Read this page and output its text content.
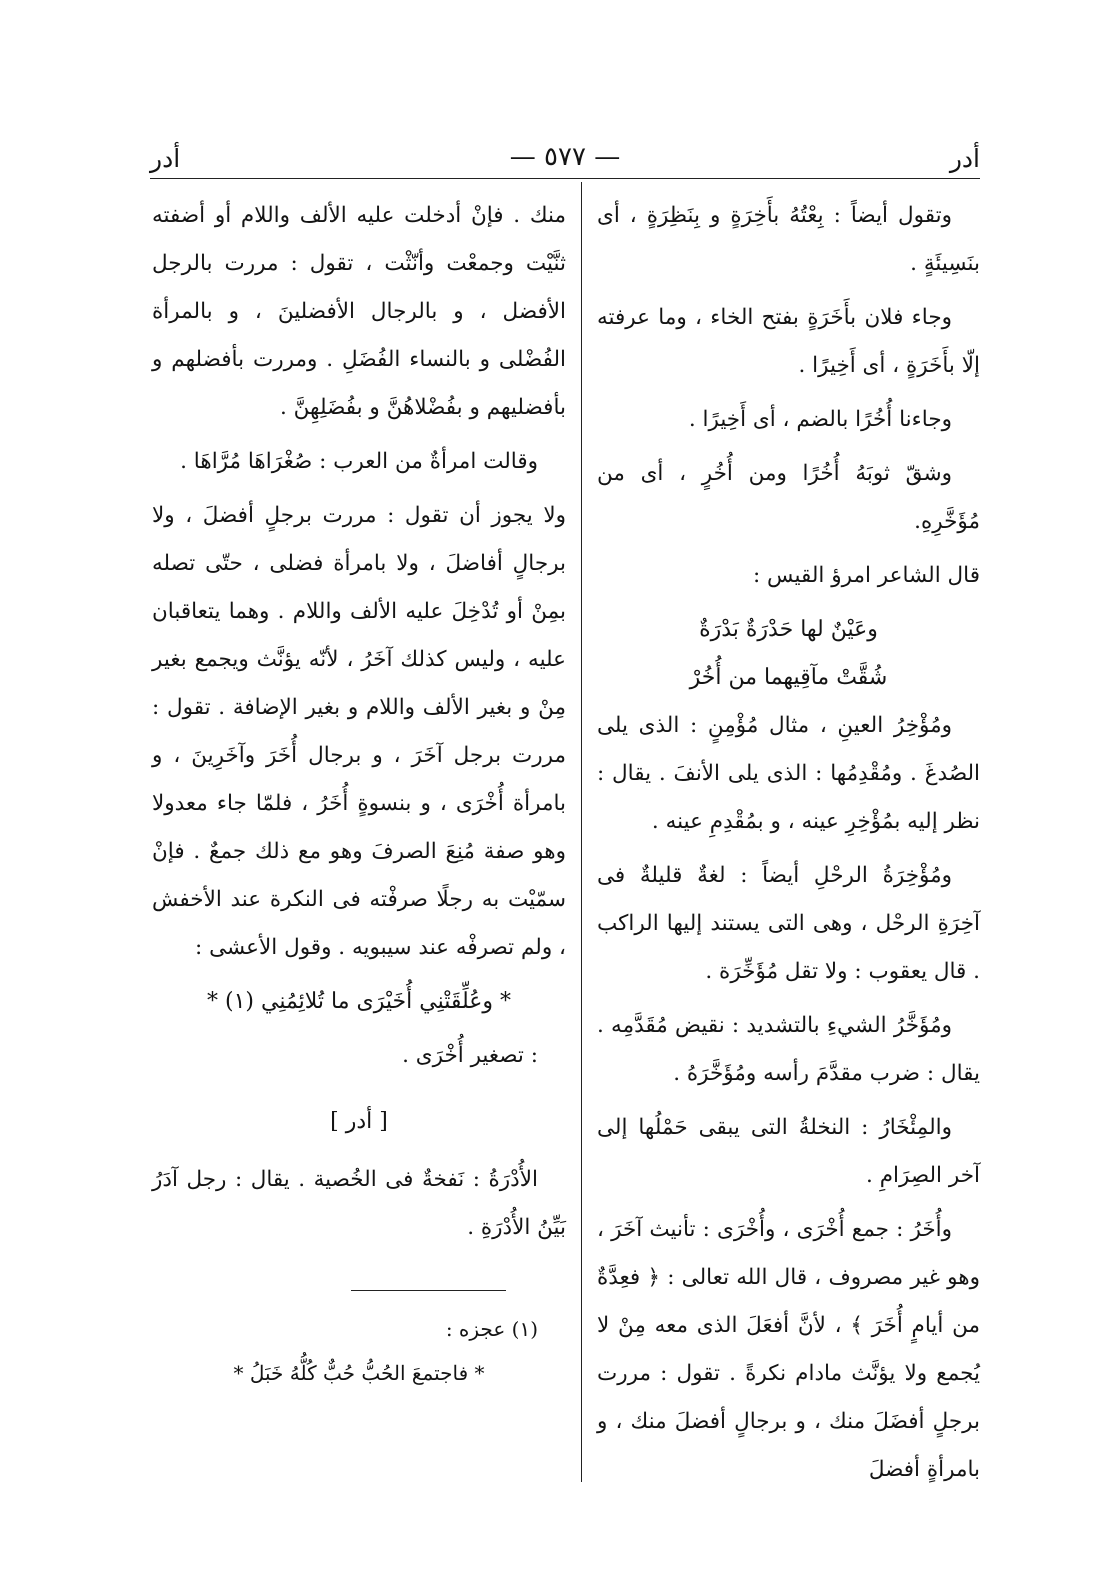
أدر
— ٥٧٧ —
أدر

وتقول أيضاً : بِعْتُهُ بأَخِرَةٍ و بِنَظِرَةٍ ، أى بنَسِيئَةٍ .

وجاء فلان بأَخَرَةٍ بفتح الخاء ، وما عرفته إلّا بأَخَرَةٍ ، أى أَخِيرًا .

وجاءنا أُخُرًا بالضم ، أى أَخِيرًا .

وشقّ ثوبَهُ أُخُرًا ومن أُخُرٍ ، أى من مُؤَخَّرِهِ.

قال الشاعر امرؤ القيس :

وعَيْنٌ لها حَدْرَةٌ بَدْرَةٌ
شُقَّتْ مآقِيهما من أُخُرْ

ومُؤْخِرُ العينِ ، مثال مُؤْمِنٍ : الذى يلى الصُدغَ . ومُقْدِمُها : الذى يلى الأنفَ . يقال : نظر إليه بمُؤْخِرِ عينه ، و بمُقْدِمِ عينه .

ومُؤْخِرَةُ الرحْلِ أيضاً : لغةٌ قليلةٌ فى آخِرَةِ الرحْل ، وهى التى يستند إليها الراكب . قال يعقوب : ولا تقل مُؤَخِّرَة .

ومُؤَخَّرُ الشيءِ بالتشديد : نقيض مُقَدَّمِه . يقال : ضرب مقدَّمَ رأسه ومُؤَخَّرَهُ .

والمِئْخَارُ : النخلةُ التى يبقى حَمْلُها إلى آخر الصِرَامِ .

وأُخَرُ : جمع أُخْرَى ، وأُخْرَى : تأنيث آخَرَ ، وهو غير مصروف ، قال الله تعالى : ﴿ فعِدَّةٌ من أيامٍ أُخَرَ ﴾ ، لأنَّ أفعَلَ الذى معه مِنْ لا يُجمع ولا يؤنَّث مادام نكرةً . تقول : مررت برجلٍ أفضَلَ منك ، و برجالٍ أفضلَ منك ، و بامرأةٍ أفضلَ

منك . فإنْ أدخلت عليه الألف واللام أو أضفته ثنَّيْت وجمعْت وأنّثْت ، تقول : مررت بالرجل الأفضل ، و بالرجال الأفضلينَ ، و بالمرأة الفُضْلى و بالنساء الفُضَلِ . ومررت بأفضلهم و بأفضليهم و بفُضْلاهُنَّ و بفُضَلِهِنَّ .

وقالت امرأةٌ من العرب : صُغْرَاهَا مُرَّاهَا .

ولا يجوز أن تقول : مررت برجلٍ أفضلَ ، ولا برجالٍ أفاضلَ ، ولا بامرأة فضلى ، حتّى تصله بمِنْ أو تُدْخِلَ عليه الألف واللام . وهما يتعاقبان عليه ، وليس كذلك آخَرُ ، لأنّه يؤنَّث ويجمع بغير مِنْ و بغير الألف واللام و بغير الإضافة . تقول : مررت برجل آخَرَ ، و برجال أُخَرَ وآخَرِينَ ، و بامرأة أُخْرَى ، و بنسوةٍ أُخَرُ ، فلمّا جاء معدولا وهو صفة مُنِعَ الصرفَ وهو مع ذلك جمعٌ . فإنْ سمّيْت به رجلًا صرفْته فى النكرة عند الأخفش ، ولم تصرفْه عند سيبويه . وقول الأعشى :

* وعُلِّقَتْنِي أُخَيْرَى ما تُلائِمُنِي (١) *

: تصغير أُخْرَى .

[ أدر ]

الأُدْرَةُ : نَفخةٌ فى الخُصية . يقال : رجل آدَرُ بَيِّنُ الأُدْرَةِ .

(١) عجزه :

* فاجتمعَ الحُبُّ حُبٌّ كُلُّهُ خَبَلُ *
